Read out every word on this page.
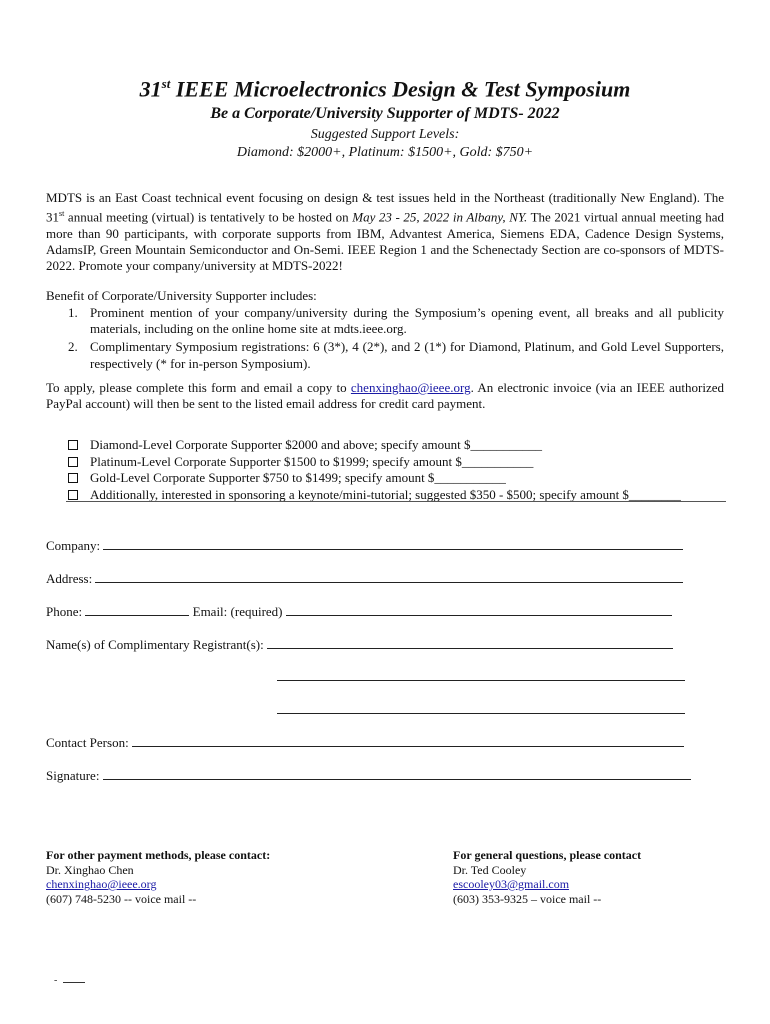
31st IEEE Microelectronics Design & Test Symposium
Be a Corporate/University Supporter of MDTS- 2022
Suggested Support Levels:
Diamond: $2000+, Platinum: $1500+, Gold: $750+

MDTS is an East Coast technical event focusing on design & test issues held in the Northeast (traditionally New England). The 31st annual meeting (virtual) is tentatively to be hosted on May 23 - 25, 2022 in Albany, NY. The 2021 virtual annual meeting had more than 90 participants, with corporate supports from IBM, Advantest America, Siemens EDA, Cadence Design Systems, AdamsIP, Green Mountain Semiconductor and On-Semi. IEEE Region 1 and the Schenectady Section are co-sponsors of MDTS-2022. Promote your company/university at MDTS-2022!

Benefit of Corporate/University Supporter includes:
1. Prominent mention of your company/university during the Symposium’s opening event, all breaks and all publicity materials, including on the online home site at mdts.ieee.org.
2. Complimentary Symposium registrations: 6 (3*), 4 (2*), and 2 (1*) for Diamond, Platinum, and Gold Level Supporters, respectively (* for in-person Symposium).

To apply, please complete this form and email a copy to chenxinghao@ieee.org. An electronic invoice (via an IEEE authorized PayPal account) will then be sent to the listed email address for credit card payment.

Diamond-Level Corporate Supporter $2000 and above; specify amount $___________
Platinum-Level Corporate Supporter $1500 to $1999; specify amount $___________
Gold-Level Corporate Supporter $750 to $1499; specify amount $___________
Additionally, interested in sponsoring a keynote/mini-tutorial; suggested $350 - $500; specify amount $________
Company:
Address:
Phone:	Email: (required)
Name(s) of Complimentary Registrant(s):
Contact Person:
Signature:
For other payment methods, please contact:
Dr. Xinghao Chen
chenxinghao@ieee.org
(607) 748-5230 -- voice mail --
For general questions, please contact
Dr. Ted Cooley
escooley03@gmail.com
(603) 353-9325 – voice mail --
-
